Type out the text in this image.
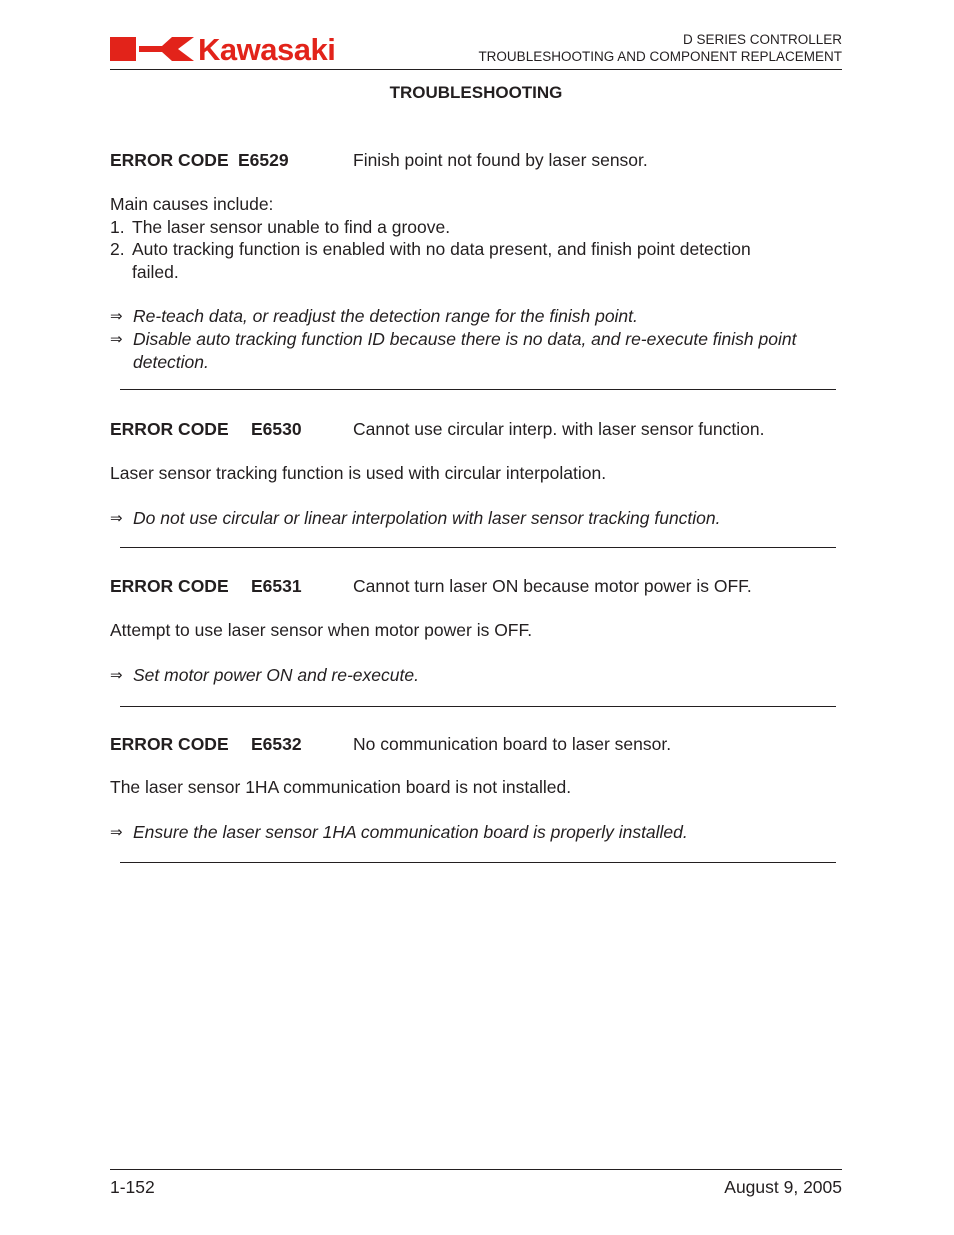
Kawasaki	D SERIES CONTROLLER
TROUBLESHOOTING AND COMPONENT REPLACEMENT
TROUBLESHOOTING
ERROR CODE E6529	Finish point not found by laser sensor.
Main causes include:
1. The laser sensor unable to find a groove.
2. Auto tracking function is enabled with no data present, and finish point detection
failed.
⇒ Re-teach data, or readjust the detection range for the finish point.
⇒ Disable auto tracking function ID because there is no data, and re-execute finish point
detection.
ERROR CODE E6530	Cannot use circular interp. with laser sensor function.
Laser sensor tracking function is used with circular interpolation.
⇒ Do not use circular or linear interpolation with laser sensor tracking function.
ERROR CODE E6531	Cannot turn laser ON because motor power is OFF.
Attempt to use laser sensor when motor power is OFF.
⇒ Set motor power ON and re-execute.
ERROR CODE E6532	No communication board to laser sensor.
The laser sensor 1HA communication board is not installed.
⇒ Ensure the laser sensor 1HA communication board is properly installed.
1-152	August 9, 2005
